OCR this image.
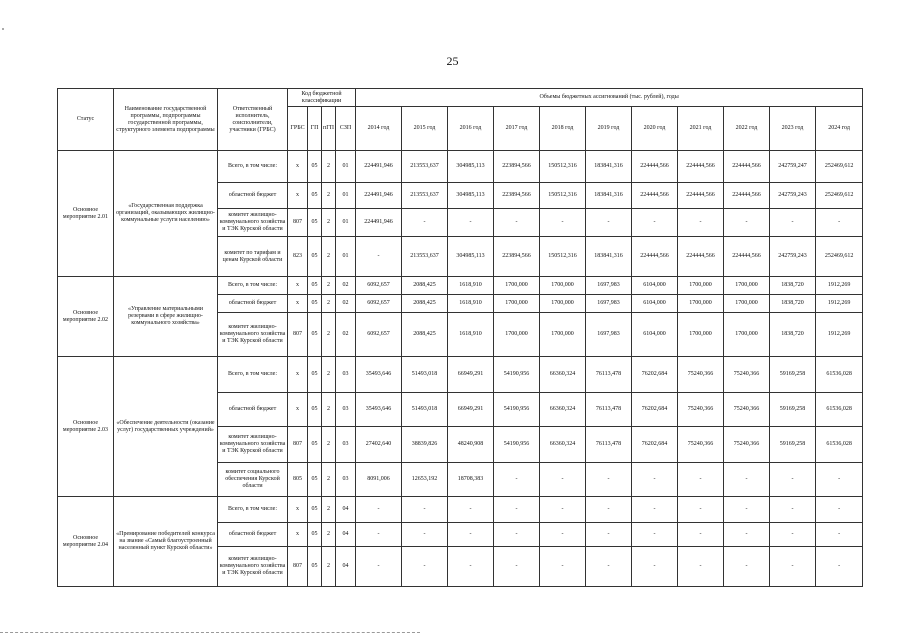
25
Статус	Наименование государственной программы, подпрограммы государственной программы, структурного элемента подпрограммы	Ответственный исполнитель, соисполнители, участники (ГРБС)	Код бюджетной классификации				Объемы бюджетных ассигнований (тыс. рублей), годы										
			ГРБС	ГП	пГП	СЗП	2014 год	2015 год	2016 год	2017 год	2018 год	2019 год	2020 год	2021 год	2022 год	2023 год	2024 год
Основное мероприятие 2.01	«Государственная поддержка организаций, оказывающих жилищно-коммунальные услуги населению»	Всего, в том числе:	х	05	2	01	224491,946	213553,637	304985,113	223894,566	150512,316	183841,316	224444,566	224444,566	224444,566	242759,247	252469,612
		областной бюджет	х	05	2	01	224491,946	213553,637	304985,113	223894,566	150512,316	183841,316	224444,566	224444,566	224444,566	242759,243	252469,612
		комитет жилищно-коммунального хозяйства и ТЭК Курской области	807	05	2	01	224491,946	-	-	-	-	-	-	-	-	-	-
		комитет по тарифам и ценам Курской области	823	05	2	01	-	213553,637	304985,113	223894,566	150512,316	183841,316	224444,566	224444,566	224444,566	242759,243	252469,612
Основное мероприятие 2.02	«Управление материальными резервами в сфере жилищно-коммунального хозяйства»	Всего, в том числе:	х	05	2	02	6092,657	2088,425	1618,910	1700,000	1700,000	1697,983	6104,000	1700,000	1700,000	1838,720	1912,269
		областной бюджет	х	05	2	02	6092,657	2088,425	1618,910	1700,000	1700,000	1697,983	6104,000	1700,000	1700,000	1838,720	1912,269
		комитет жилищно-коммунального хозяйства и ТЭК Курской области	807	05	2	02	6092,657	2088,425	1618,910	1700,000	1700,000	1697,983	6104,000	1700,000	1700,000	1838,720	1912,269
Основное мероприятие 2.03	«Обеспечение деятельности (оказание услуг) государственных учреждений»	Всего, в том числе:	х	05	2	03	35493,646	51493,018	66949,291	54190,956	66360,324	76113,478	76202,684	75240,366	75240,366	59169,258	61536,028
		областной бюджет	х	05	2	03	35493,646	51493,018	66949,291	54190,956	66360,324	76113,478	76202,684	75240,366	75240,366	59169,258	61536,028
		комитет жилищно-коммунального хозяйства и ТЭК Курской области	807	05	2	03	27402,640	38839,826	48240,908	54190,956	66360,324	76113,478	76202,684	75240,366	75240,366	59169,258	61536,028
		комитет социального обеспечения Курской области	805	05	2	03	8091,006	12653,192	18708,383	-	-	-	-	-	-	-	-
Основное мероприятие 2.04	«Премирование победителей конкурса на звание «Самый благоустроенный населенный пункт Курской области»	Всего, в том числе:	х	05	2	04	-	-	-	-	-	-	-	-	-	-	-
		областной бюджет	х	05	2	04	-	-	-	-	-	-	-	-	-	-	-
		комитет жилищно-коммунального хозяйства и ТЭК Курской области	807	05	2	04	-	-	-	-	-	-	-	-	-	-	-
